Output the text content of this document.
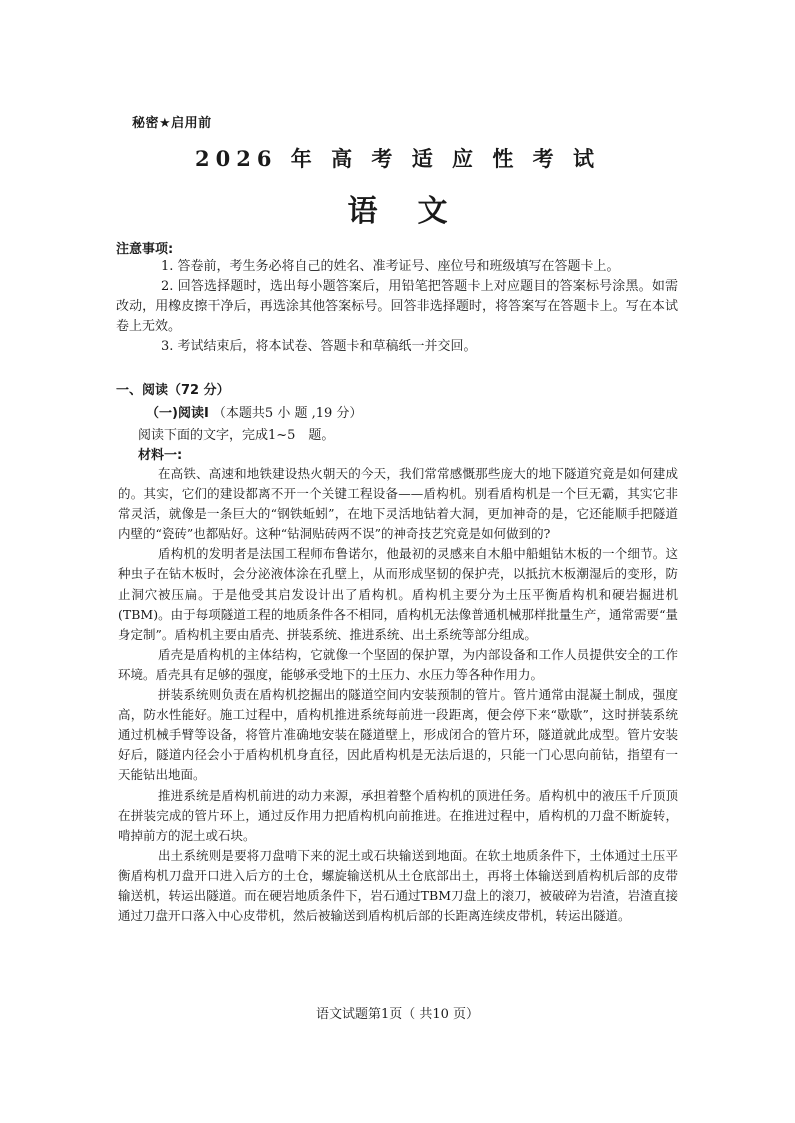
秘密★启用前
2026 年 高 考 适 应 性 考 试
语文
注意事项:

1. 答卷前，考生务必将自己的姓名、准考证号、座位号和班级填写在答题卡上。

2. 回答选择题时，选出每小题答案后，用铅笔把答题卡上对应题目的答案标号涂黑。如需改动，用橡皮擦干净后，再选涂其他答案标号。回答非选择题时，将答案写在答题卡上。写在本试卷上无效。

3. 考试结束后，将本试卷、答题卡和草稿纸一并交回。

一、阅读（72 分）
（一)阅读Ⅰ （本题共5 小 题 ,19 分）
阅读下面的文字，完成1~5　题。
材料一:

在高铁、高速和地铁建设热火朝天的今天，我们常常感慨那些庞大的地下隧道究竟是如何建成的。其实，它们的建设都离不开一个关键工程设备——盾构机。别看盾构机是一个巨无霸，其实它非常灵活，就像是一条巨大的“钢铁蚯蚓”，在地下灵活地钻着大洞，更加神奇的是，它还能顺手把隧道内壁的“瓷砖”也都贴好。这种“钻洞贴砖两不误”的神奇技艺究竟是如何做到的?

盾构机的发明者是法国工程师布鲁诺尔，他最初的灵感来自木船中船蛆钻木板的一个细节。这种虫子在钻木板时，会分泌液体涂在孔壁上，从而形成坚韧的保护壳，以抵抗木板潮湿后的变形，防止洞穴被压扁。于是他受其启发设计出了盾构机。盾构机主要分为土压平衡盾构机和硬岩掘进机(TBM)。由于每项隧道工程的地质条件各不相同，盾构机无法像普通机械那样批量生产，通常需要“量身定制”。盾构机主要由盾壳、拼装系统、推进系统、出土系统等部分组成。

盾壳是盾构机的主体结构，它就像一个坚固的保护罩，为内部设备和工作人员提供安全的工作环境。盾壳具有足够的强度，能够承受地下的土压力、水压力等各种作用力。

拼装系统则负责在盾构机挖掘出的隧道空间内安装预制的管片。管片通常由混凝土制成，强度高，防水性能好。施工过程中，盾构机推进系统每前进一段距离，便会停下来“歇歇”，这时拼装系统通过机械手臂等设备，将管片准确地安装在隧道壁上，形成闭合的管片环，隧道就此成型。管片安装好后，隧道内径会小于盾构机机身直径，因此盾构机是无法后退的，只能一门心思向前钻，指望有一天能钻出地面。

推进系统是盾构机前进的动力来源，承担着整个盾构机的顶进任务。盾构机中的液压千斤顶顶在拼装完成的管片环上，通过反作用力把盾构机向前推进。在推进过程中，盾构机的刀盘不断旋转，啃掉前方的泥土或石块。

出土系统则是要将刀盘啃下来的泥土或石块输送到地面。在软土地质条件下，土体通过土压平衡盾构机刀盘开口进入后方的土仓，螺旋输送机从土仓底部出土，再将土体输送到盾构机后部的皮带输送机，转运出隧道。而在硬岩地质条件下，岩石通过TBM刀盘上的滚刀，被破碎为岩渣，岩渣直接通过刀盘开口落入中心皮带机，然后被输送到盾构机后部的长距离连续皮带机，转运出隧道。

语文试题第1页（ 共10 页）
